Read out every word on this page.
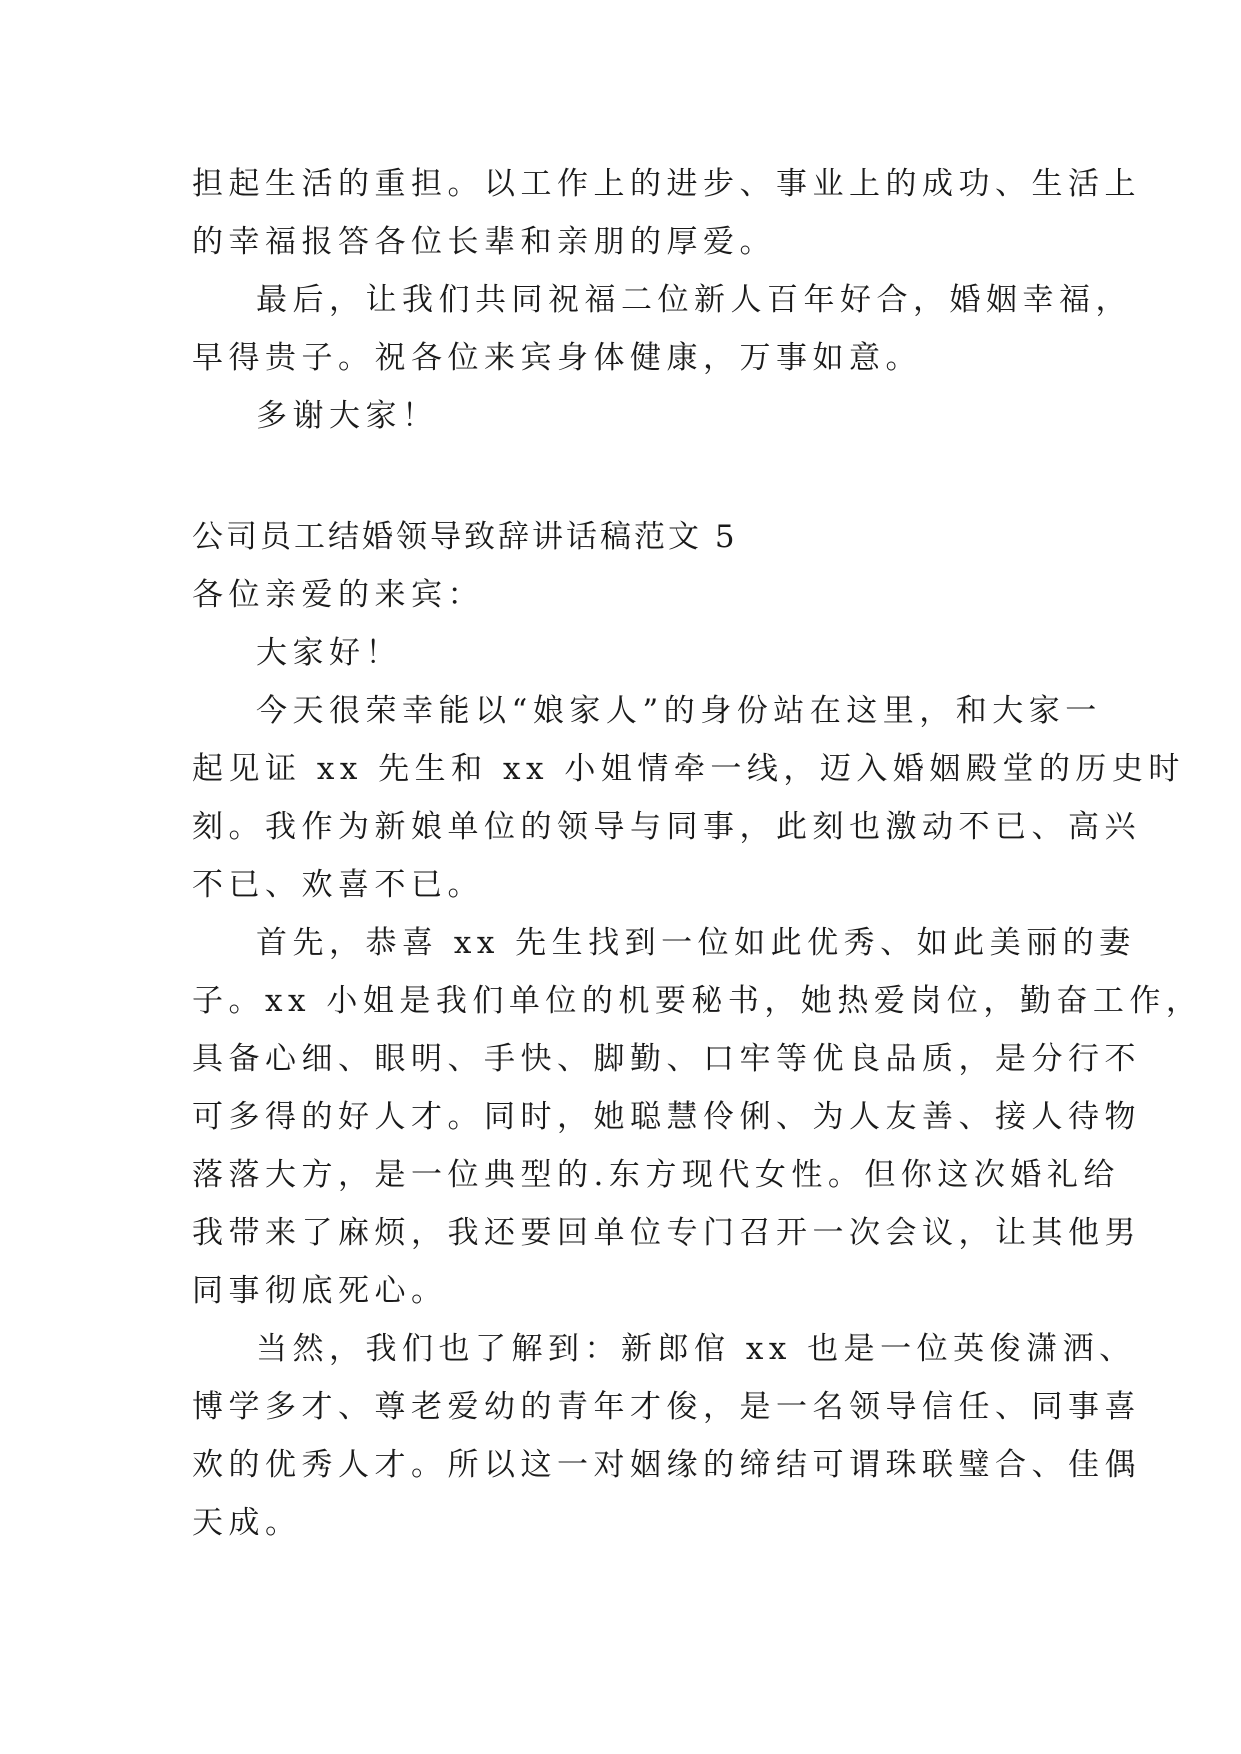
担起生活的重担。以工作上的进步、事业上的成功、生活上
的幸福报答各位长辈和亲朋的厚爱。
最后，让我们共同祝福二位新人百年好合，婚姻幸福，
早得贵子。祝各位来宾身体健康，万事如意。
多谢大家！
公司员工结婚领导致辞讲话稿范文 5
各位亲爱的来宾：
大家好！
今天很荣幸能以“娘家人”的身份站在这里，和大家一
起见证 xx 先生和 xx 小姐情牵一线，迈入婚姻殿堂的历史时
刻。我作为新娘单位的领导与同事，此刻也激动不已、高兴
不已、欢喜不已。
首先，恭喜 xx 先生找到一位如此优秀、如此美丽的妻
子。xx 小姐是我们单位的机要秘书，她热爱岗位，勤奋工作，
具备心细、眼明、手快、脚勤、口牢等优良品质，是分行不
可多得的好人才。同时，她聪慧伶俐、为人友善、接人待物
落落大方，是一位典型的.东方现代女性。但你这次婚礼给
我带来了麻烦，我还要回单位专门召开一次会议，让其他男
同事彻底死心。
当然，我们也了解到：新郎倌 xx 也是一位英俊潇洒、
博学多才、尊老爱幼的青年才俊，是一名领导信任、同事喜
欢的优秀人才。所以这一对姻缘的缔结可谓珠联璧合、佳偶
天成。
